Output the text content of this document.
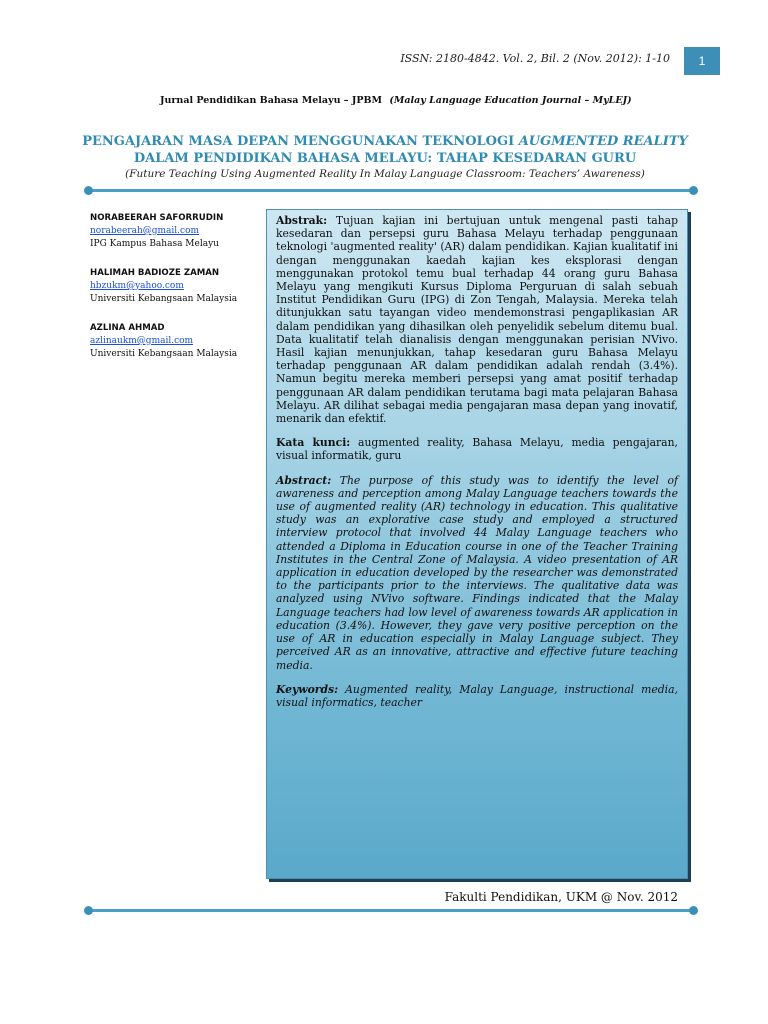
ISSN: 2180-4842. Vol. 2, Bil. 2 (Nov. 2012): 1-10	1
Jurnal Pendidikan Bahasa Melayu – JPBM (Malay Language Education Journal – MyLEJ)
PENGAJARAN MASA DEPAN MENGGUNAKAN TEKNOLOGI AUGMENTED REALITY
DALAM PENDIDIKAN BAHASA MELAYU: TAHAP KESEDARAN GURU
(Future Teaching Using Augmented Reality In Malay Language Classroom: Teachers’ Awareness)
NORABEERAH SAFORRUDIN
norabeerah@gmail.com
IPG Kampus Bahasa Melayu
HALIMAH BADIOZE ZAMAN
hbzukm@yahoo.com
Universiti Kebangsaan Malaysia
AZLINA AHMAD
azlinaukm@gmail.com
Universiti Kebangsaan Malaysia

Abstrak: Tujuan kajian ini bertujuan untuk mengenal pasti tahap kesedaran dan persepsi guru Bahasa Melayu terhadap penggunaan teknologi 'augmented reality' (AR) dalam pendidikan. Kajian kualitatif ini dengan menggunakan kaedah kajian kes eksplorasi dengan menggunakan protokol temu bual terhadap 44 orang guru Bahasa Melayu yang mengikuti Kursus Diploma Perguruan di salah sebuah Institut Pendidikan Guru (IPG) di Zon Tengah, Malaysia. Mereka telah ditunjukkan satu tayangan video mendemonstrasi pengaplikasian AR dalam pendidikan yang dihasilkan oleh penyelidik sebelum ditemu bual. Data kualitatif telah dianalisis dengan menggunakan perisian NVivo. Hasil kajian menunjukkan, tahap kesedaran guru Bahasa Melayu terhadap penggunaan AR dalam pendidikan adalah rendah (3.4%). Namun begitu mereka memberi persepsi yang amat positif terhadap penggunaan AR dalam pendidikan terutama bagi mata pelajaran Bahasa Melayu. AR dilihat sebagai media pengajaran masa depan yang inovatif, menarik dan efektif.

Kata kunci: augmented reality, Bahasa Melayu, media pengajaran, visual informatik, guru

Abstract: The purpose of this study was to identify the level of awareness and perception among Malay Language teachers towards the use of augmented reality (AR) technology in education. This qualitative study was an explorative case study and employed a structured interview protocol that involved 44 Malay Language teachers who attended a Diploma in Education course in one of the Teacher Training Institutes in the Central Zone of Malaysia. A video presentation of AR application in education developed by the researcher was demonstrated to the participants prior to the interviews. The qualitative data was analyzed using NVivo software. Findings indicated that the Malay Language teachers had low level of awareness towards AR application in education (3.4%). However, they gave very positive perception on the use of AR in education especially in Malay Language subject. They perceived AR as an innovative, attractive and effective future teaching media.

Keywords: Augmented reality, Malay Language, instructional media, visual informatics, teacher

Fakulti Pendidikan, UKM @ Nov. 2012
